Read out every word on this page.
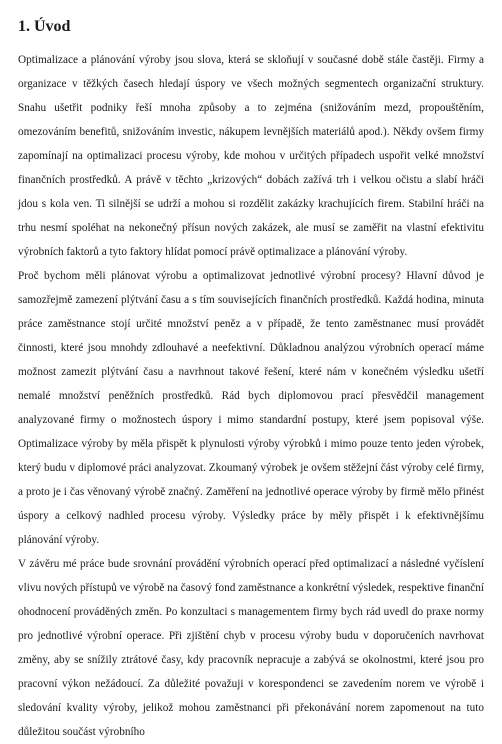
1. Úvod

Optimalizace a plánování výroby jsou slova, která se skloňují v současné době stále častěji. Firmy a organizace v těžkých časech hledají úspory ve všech možných segmentech organizační struktury. Snahu ušetřit podniky řeší mnoha způsoby a to zejména (snižováním mezd, propouštěním, omezováním benefitů, snižováním investic, nákupem levnějších materiálů apod.). Někdy ovšem firmy zapomínají na optimalizaci procesu výroby, kde mohou v určitých případech uspořit velké množství finančních prostředků. A právě v těchto „krizových“ dobách zažívá trh i velkou očistu a slabí hráči jdou s kola ven. Ti silnější se udrží a mohou si rozdělit zakázky krachujících firem. Stabilní hráči na trhu nesmí spoléhat na nekonečný přísun nových zakázek, ale musí se zaměřit na vlastní efektivitu výrobních faktorů a tyto faktory hlídat pomocí právě optimalizace a plánování výroby.

Proč bychom měli plánovat výrobu a optimalizovat jednotlivé výrobní procesy? Hlavní důvod je samozřejmě zamezení plýtvání času a s tím souvisejících finančních prostředků. Každá hodina, minuta práce zaměstnance stojí určité množství peněz a v případě, že tento zaměstnanec musí provádět činnosti, které jsou mnohdy zdlouhavé a neefektivní. Důkladnou analýzou výrobních operací máme možnost zamezit plýtvání času a navrhnout takové řešení, které nám v konečném výsledku ušetří nemalé množství peněžních prostředků. Rád bych diplomovou prací přesvědčil management analyzované firmy o možnostech úspory i mimo standardní postupy, které jsem popisoval výše. Optimalizace výroby by měla přispět k plynulosti výroby výrobků i mimo pouze tento jeden výrobek, který budu v diplomové práci analyzovat. Zkoumaný výrobek je ovšem stěžejní část výroby celé firmy, a proto je i čas věnovaný výrobě značný. Zaměření na jednotlivé operace výroby by firmě mělo přinést úspory a celkový nadhled procesu výroby. Výsledky práce by měly přispět i k efektivnějšímu plánování výroby.

V závěru mé práce bude srovnání provádění výrobních operací před optimalizací a následné vyčíslení vlivu nových přístupů ve výrobě na časový fond zaměstnance a konkrétní výsledek, respektive finanční ohodnocení prováděných změn. Po konzultaci s managementem firmy bych rád uvedl do praxe normy pro jednotlivé výrobní operace. Při zjištění chyb v procesu výroby budu v doporučeních navrhovat změny, aby se snížily ztrátové časy, kdy pracovník nepracuje a zabývá se okolnostmi, které jsou pro pracovní výkon nežádoucí. Za důležité považuji v korespondenci se zavedením norem ve výrobě i sledování kvality výroby, jelikož mohou zaměstnanci při překonávání norem zapomenout na tuto důležitou součást výrobního
